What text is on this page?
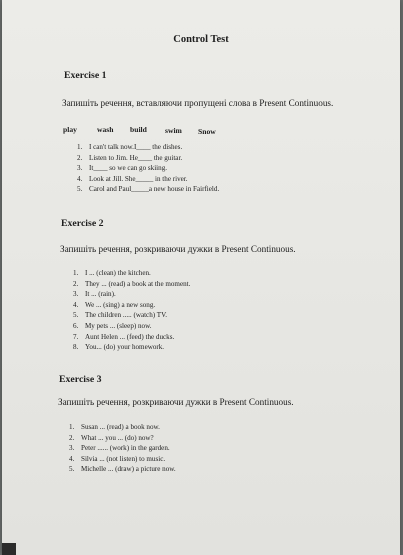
Control Test
Exercise 1
Запишіть речення, вставляючи пропущені слова в Present Continuous.
play	wash build swim Snow
1. I can't talk now.I____ the dishes.
2. Listen to Jim. He____ the guitar.
3. It____ so we can go skiing.
4. Look at Jill. She_____ in the river.
5. Carol and Paul_____a new house in Fairfield.
Exercise 2
Запишіть речення, розкриваючи дужки в Present Continuous.
1. I ... (clean) the kitchen.
2. They ... (read) a book at the moment.
3. It ... (rain).
4. We ... (sing) a new song.
5. The children ..... (watch) TV.
6. My pets ... (sleep) now.
7. Aunt Helen ... (feed) the ducks.
8. You... (do) your homework.
Exercise 3
Запишіть речення, розкриваючи дужки в Present Continuous.
1. Susan ... (read) a book now.
2. What ... you ... (do) now?
3. Peter ...... (work) in the garden.
4. Silvia ... (not listen) to music.
5. Michelle ... (draw) a picture now.
